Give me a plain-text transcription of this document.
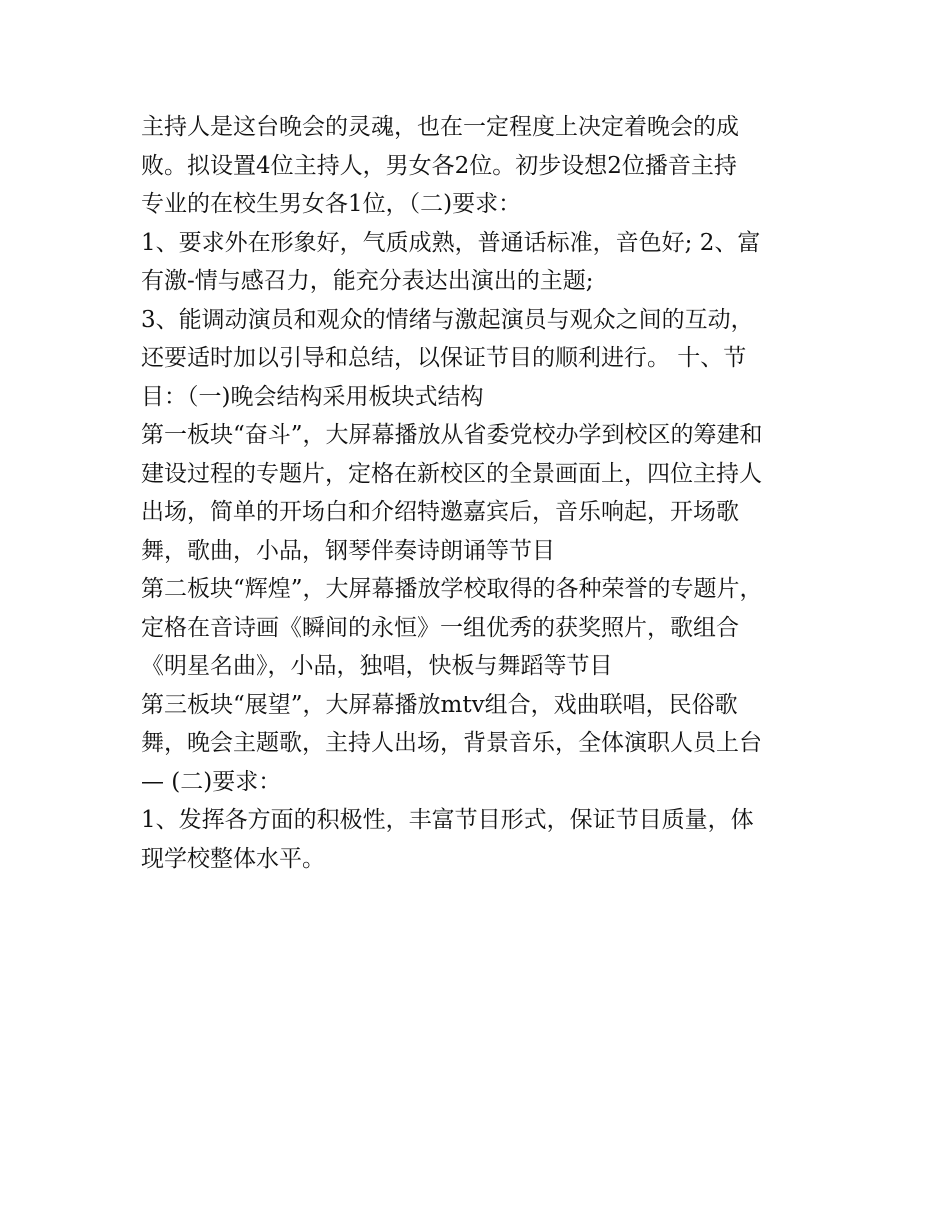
主持人是这台晚会的灵魂，也在一定程度上决定着晚会的成
败。拟设置4位主持人，男女各2位。初步设想2位播音主持
专业的在校生男女各1位，（二)要求：
1、要求外在形象好，气质成熟，普通话标准，音色好; 2、富
有激-情与感召力，能充分表达出演出的主题;
3、能调动演员和观众的情绪与激起演员与观众之间的互动，
还要适时加以引导和总结，以保证节目的顺利进行。 十、节
目：（一)晚会结构采用板块式结构
第一板块“奋斗”，大屏幕播放从省委党校办学到校区的筹建和
建设过程的专题片，定格在新校区的全景画面上，四位主持人
出场，简单的开场白和介绍特邀嘉宾后，音乐响起，开场歌
舞，歌曲，小品，钢琴伴奏诗朗诵等节目
第二板块“辉煌”，大屏幕播放学校取得的各种荣誉的专题片，
定格在音诗画《瞬间的永恒》一组优秀的获奖照片，歌组合
《明星名曲》，小品，独唱，快板与舞蹈等节目
第三板块“展望”，大屏幕播放mtv组合，戏曲联唱，民俗歌
舞，晚会主题歌，主持人出场，背景音乐，全体演职人员上台
— (二)要求：
1、发挥各方面的积极性，丰富节目形式，保证节目质量，体
现学校整体水平。
